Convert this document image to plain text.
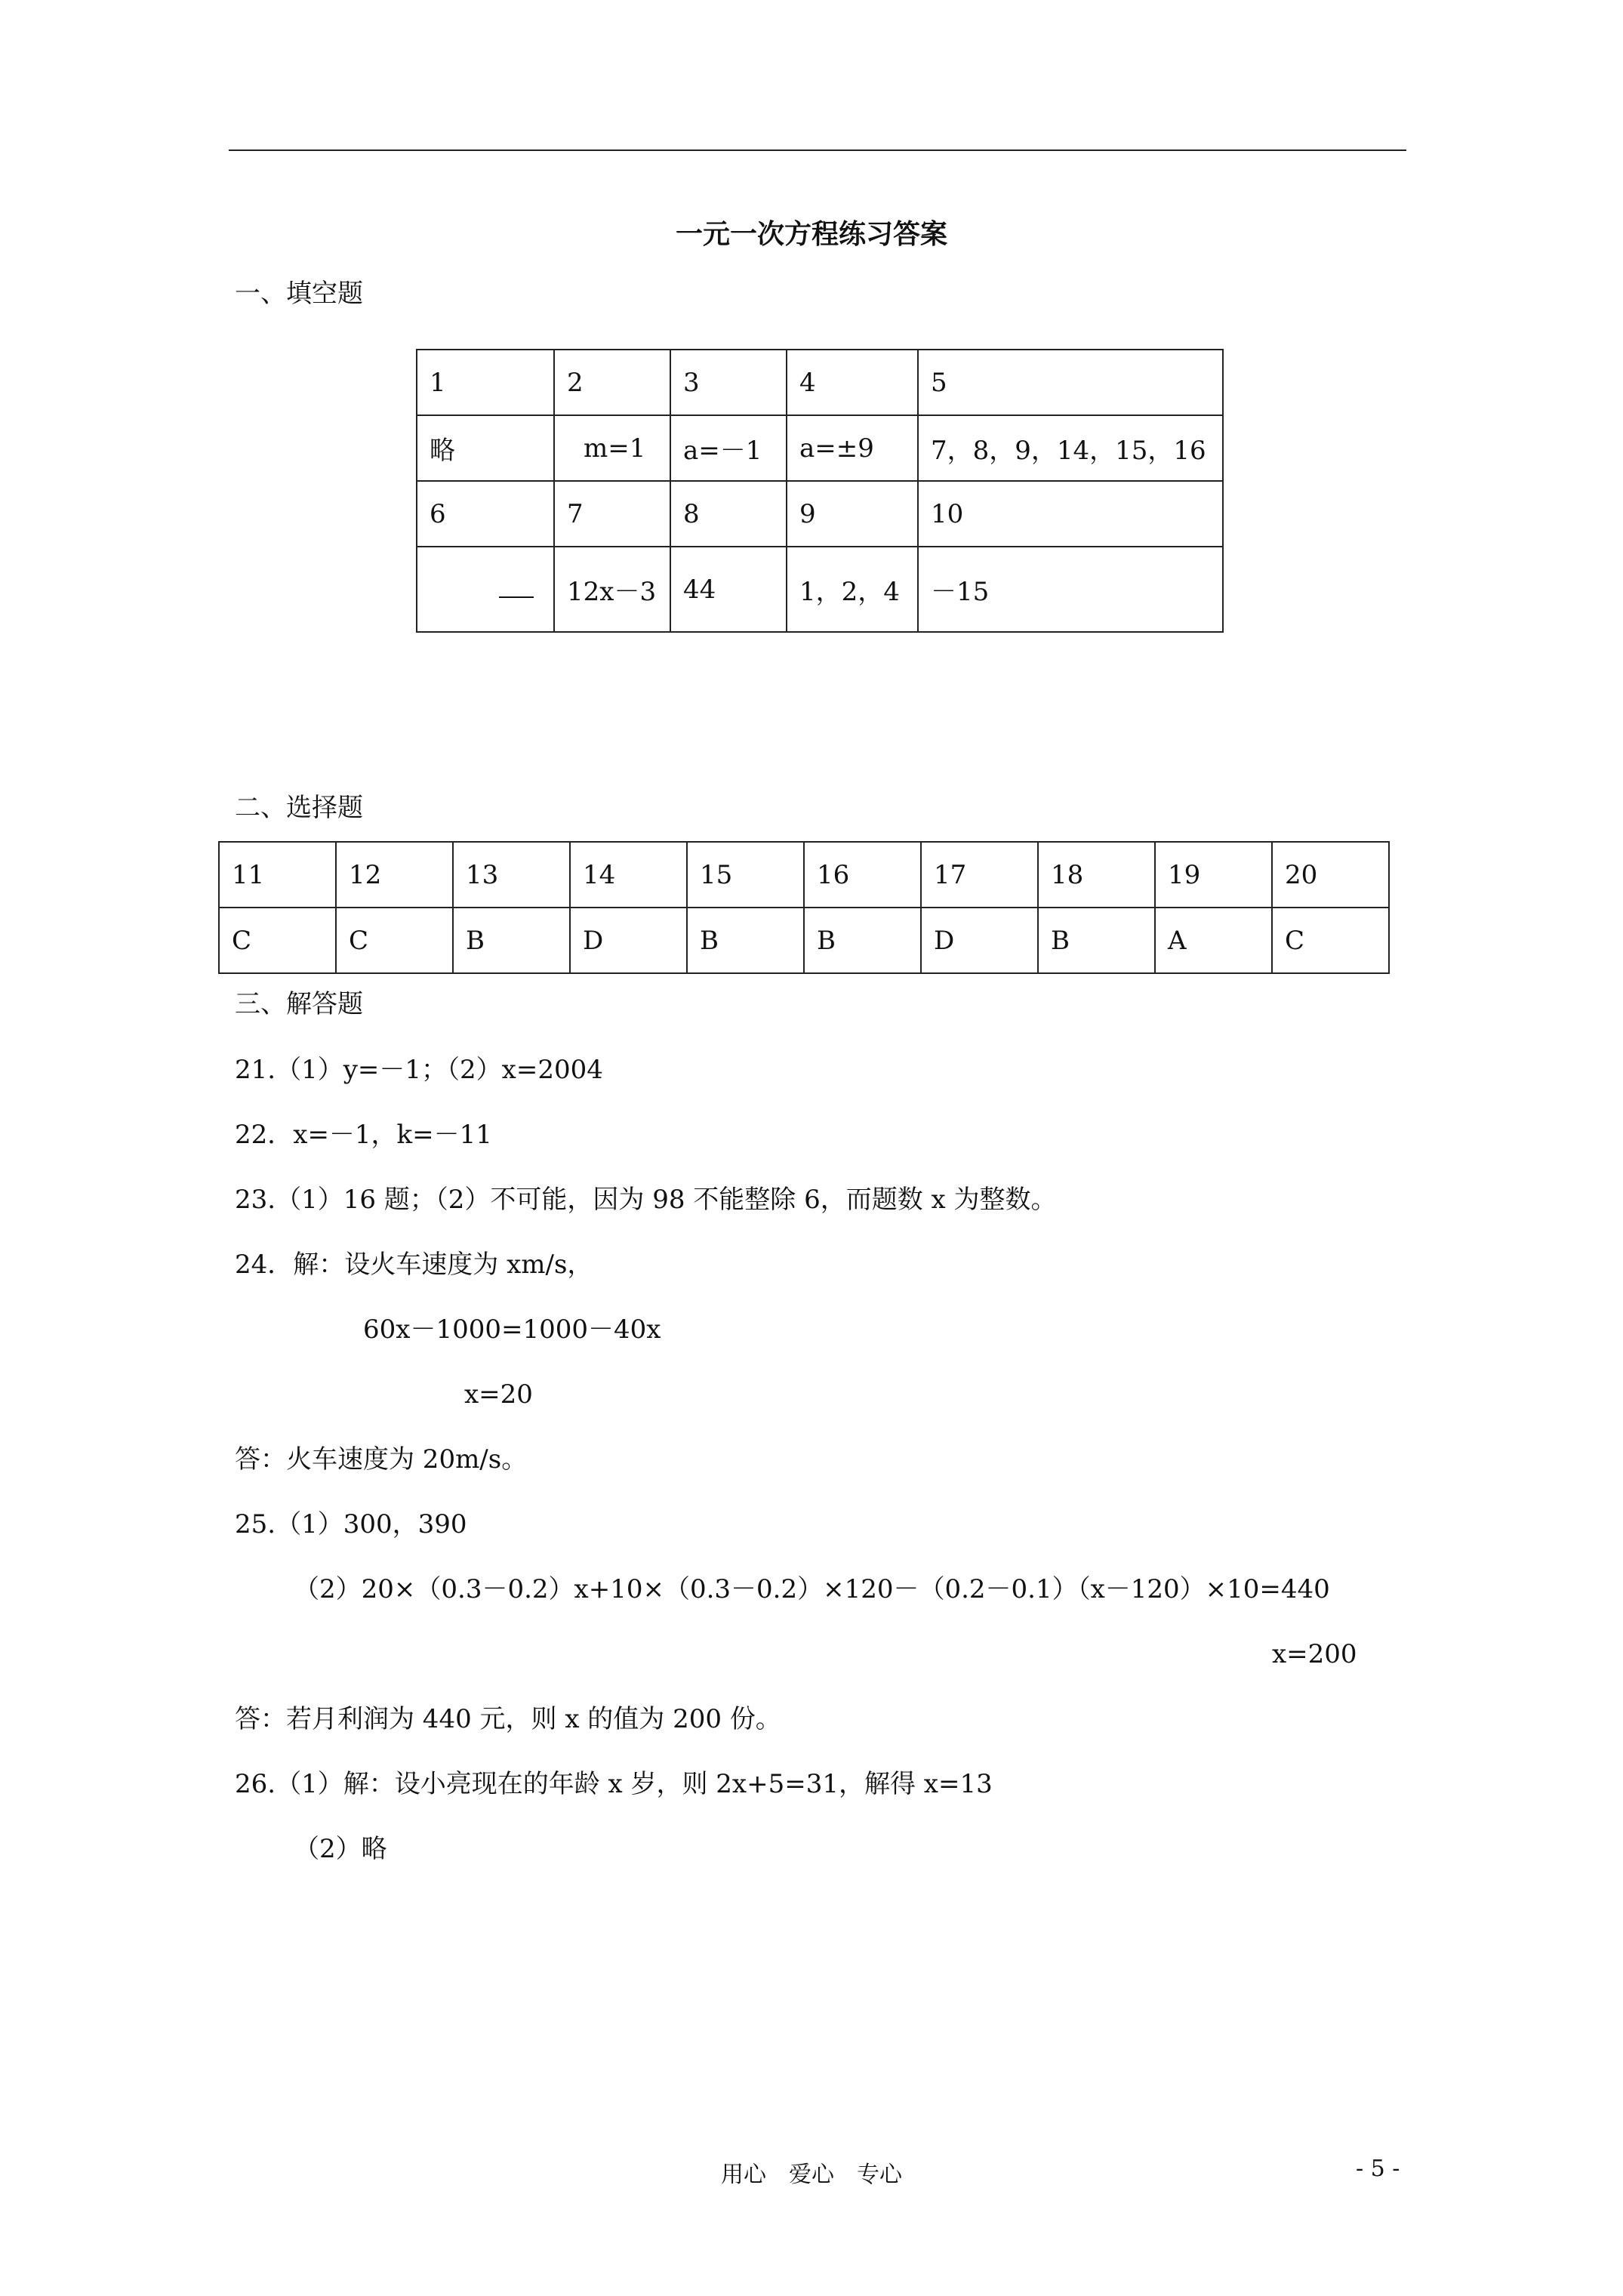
一元一次方程练习答案
一、填空题
1	2	3	4	5
略	m=1	a=－1	a=±9	7，8，9，14，15，16
6	7	8	9	10
	12x－3	44	1，2，4	－15
二、选择题
11	12	13	14	15	16	17	18	19	20
C	C	B	D	B	B	D	B	A	C
三、解答题
21.（1）y=－1；（2）x=2004
22．x=－1，k=－11
23.（1）16 题；（2）不可能，因为 98 不能整除 6，而题数 x 为整数。
24．解：设火车速度为 xm/s，
60x－1000=1000－40x
x=20
答：火车速度为 20m/s。
25.（1）300，390
（2）20×（0.3－0.2）x+10×（0.3－0.2）×120－（0.2－0.1）（x－120）×10=440
x=200
答：若月利润为 440 元，则 x 的值为 200 份。
26.（1）解：设小亮现在的年龄 x 岁，则 2x+5=31，解得 x=13
（2）略
用心　爱心　专心	- 5 -
